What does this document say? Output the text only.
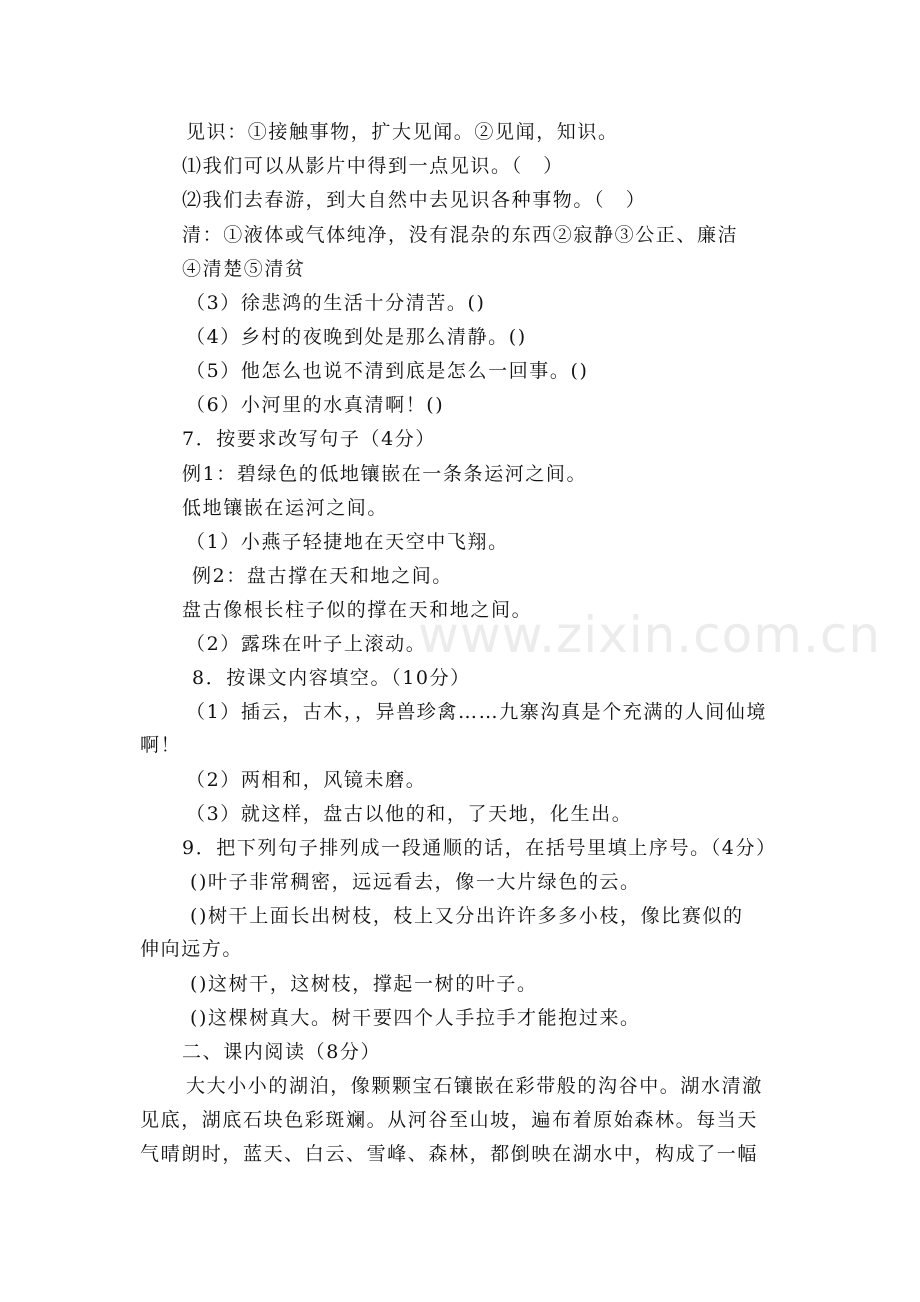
见识：①接触事物，扩大见闻。②见闻，知识。
⑴我们可以从影片中得到一点见识。（　）
⑵我们去春游，到大自然中去见识各种事物。（　）
清：①液体或气体纯净，没有混杂的东西②寂静③公正、廉洁
④清楚⑤清贫
（3）徐悲鸿的生活十分清苦。()
（4）乡村的夜晚到处是那么清静。()
（5）他怎么也说不清到底是怎么一回事。()
（6）小河里的水真清啊！()
7．按要求改写句子（4分）
例1：碧绿色的低地镶嵌在一条条运河之间。
低地镶嵌在运河之间。
（1）小燕子轻捷地在天空中飞翔。
例2：盘古撑在天和地之间。
盘古像根长柱子似的撑在天和地之间。
（2）露珠在叶子上滚动。
8．按课文内容填空。（10分）
（1）插云，古木，，异兽珍禽……九寨沟真是个充满的人间仙境
啊！
（2）两相和，风镜未磨。
（3）就这样，盘古以他的和，了天地，化生出。
9．把下列句子排列成一段通顺的话，在括号里填上序号。（4分）
()叶子非常稠密，远远看去，像一大片绿色的云。
()树干上面长出树枝，枝上又分出许许多多小枝，像比赛似的
伸向远方。
()这树干，这树枝，撑起一树的叶子。
()这棵树真大。树干要四个人手拉手才能抱过来。
二、课内阅读（8分）
大大小小的湖泊，像颗颗宝石镶嵌在彩带般的沟谷中。湖水清澈
见底，湖底石块色彩斑斓。从河谷至山坡，遍布着原始森林。每当天
气晴朗时，蓝天、白云、雪峰、森林，都倒映在湖水中，构成了一幅
www.zixin.com.cn
